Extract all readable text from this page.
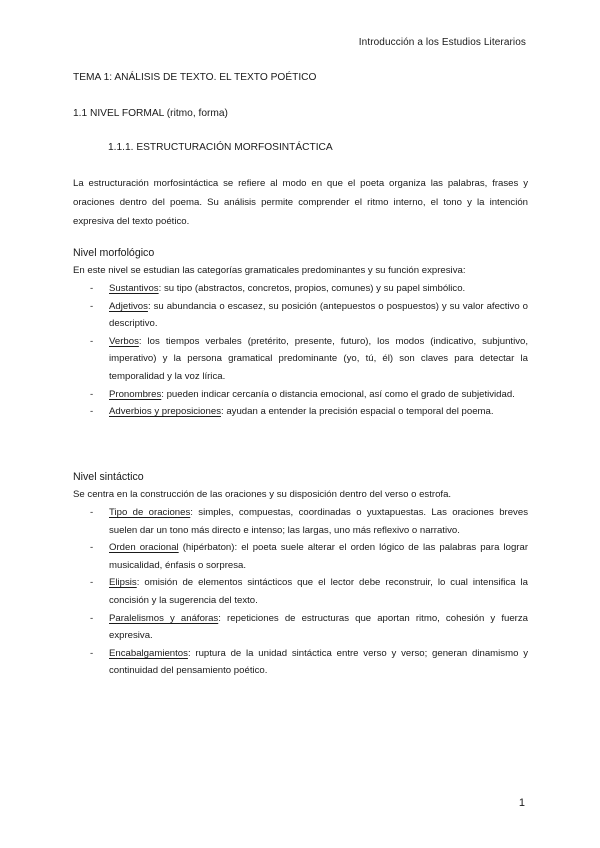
Introducción a los Estudios Literarios
TEMA 1: ANÁLISIS DE TEXTO. EL TEXTO POÉTICO
1.1 NIVEL FORMAL (ritmo, forma)
1.1.1. ESTRUCTURACIÓN MORFOSINTÁCTICA

La estructuración morfosintáctica se refiere al modo en que el poeta organiza las palabras, frases y oraciones dentro del poema. Su análisis permite comprender el ritmo interno, el tono y la intención expresiva del texto poético.

Nivel morfológico

En este nivel se estudian las categorías gramaticales predominantes y su función expresiva:

- Sustantivos: su tipo (abstractos, concretos, propios, comunes) y su papel simbólico.
- Adjetivos: su abundancia o escasez, su posición (antepuestos o pospuestos) y su valor afectivo o descriptivo.
- Verbos: los tiempos verbales (pretérito, presente, futuro), los modos (indicativo, subjuntivo, imperativo) y la persona gramatical predominante (yo, tú, él) son claves para detectar la temporalidad y la voz lírica.
- Pronombres: pueden indicar cercanía o distancia emocional, así como el grado de subjetividad.
- Adverbios y preposiciones: ayudan a entender la precisión espacial o temporal del poema.

Nivel sintáctico

Se centra en la construcción de las oraciones y su disposición dentro del verso o estrofa.

- Tipo de oraciones: simples, compuestas, coordinadas o yuxtapuestas. Las oraciones breves suelen dar un tono más directo e intenso; las largas, uno más reflexivo o narrativo.
- Orden oracional (hipérbaton): el poeta suele alterar el orden lógico de las palabras para lograr musicalidad, énfasis o sorpresa.
- Elipsis: omisión de elementos sintácticos que el lector debe reconstruir, lo cual intensifica la concisión y la sugerencia del texto.
- Paralelismos y anáforas: repeticiones de estructuras que aportan ritmo, cohesión y fuerza expresiva.
- Encabalgamientos: ruptura de la unidad sintáctica entre verso y verso; generan dinamismo y continuidad del pensamiento poético.
1
